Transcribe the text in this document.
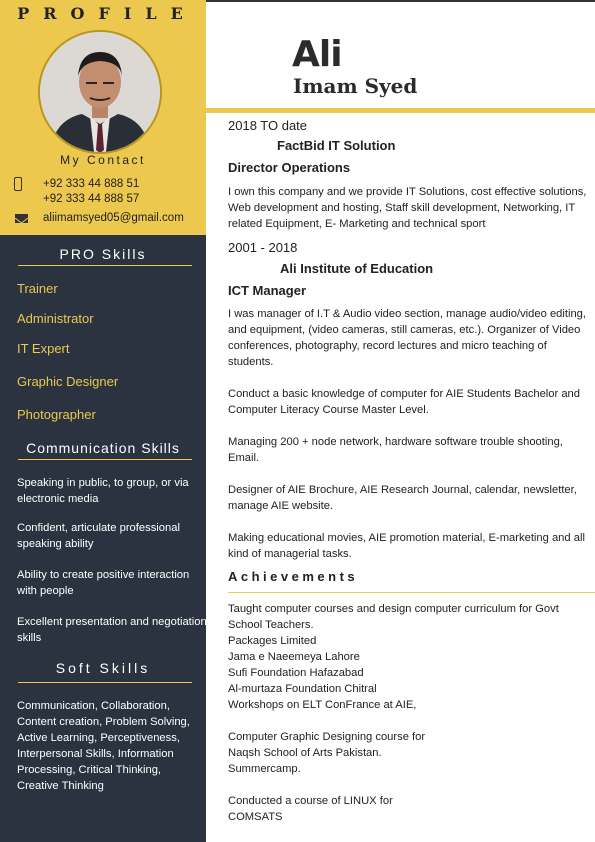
PROFILE
My Contact
+92 333 44 888 51
+92 333 44 888 57
aliimamsyed05@gmail.com
PRO Skills
Trainer
Administrator
IT Expert
Graphic Designer
Photographer
Communication Skills
Speaking in public, to group, or via electronic media
Confident, articulate professional speaking ability
Ability to create positive interaction with people
Excellent presentation and negotiation skills
Soft Skills
Communication, Collaboration, Content creation, Problem Solving, Active Learning, Perceptiveness, Interpersonal Skills, Information Processing, Critical Thinking, Creative Thinking
Ali
Imam Syed
2018 TO date
FactBid IT Solution
Director Operations
I own this company and we provide IT Solutions, cost effective solutions, Web development and hosting, Staff skill development, Networking, IT related Equipment, E- Marketing and technical sport
2001 - 2018
Ali Institute of Education
ICT Manager
I was manager of I.T & Audio video section, manage audio/video editing, and equipment, (video cameras, still cameras, etc.). Organizer of Video conferences, photography, record lectures and micro teaching of students.
Conduct a basic knowledge of computer for AIE Students Bachelor and Computer Literacy Course Master Level.
Managing 200 + node network, hardware software trouble shooting, Email.
Designer of AIE Brochure, AIE Research Journal, calendar, newsletter, manage AIE website.
Making educational movies, AIE promotion material, E-marketing and all kind of managerial tasks.
Achievements
Taught computer courses and design computer curriculum for Govt School Teachers.
Packages Limited
Jama e Naeemeya Lahore
Sufi Foundation Hafazabad
Al-murtaza Foundation Chitral
Workshops on ELT ConFrance at AIE,
Computer Graphic Designing course for
Naqsh School of Arts Pakistan.
Summercamp.
Conducted a course of LINUX for
COMSATS
